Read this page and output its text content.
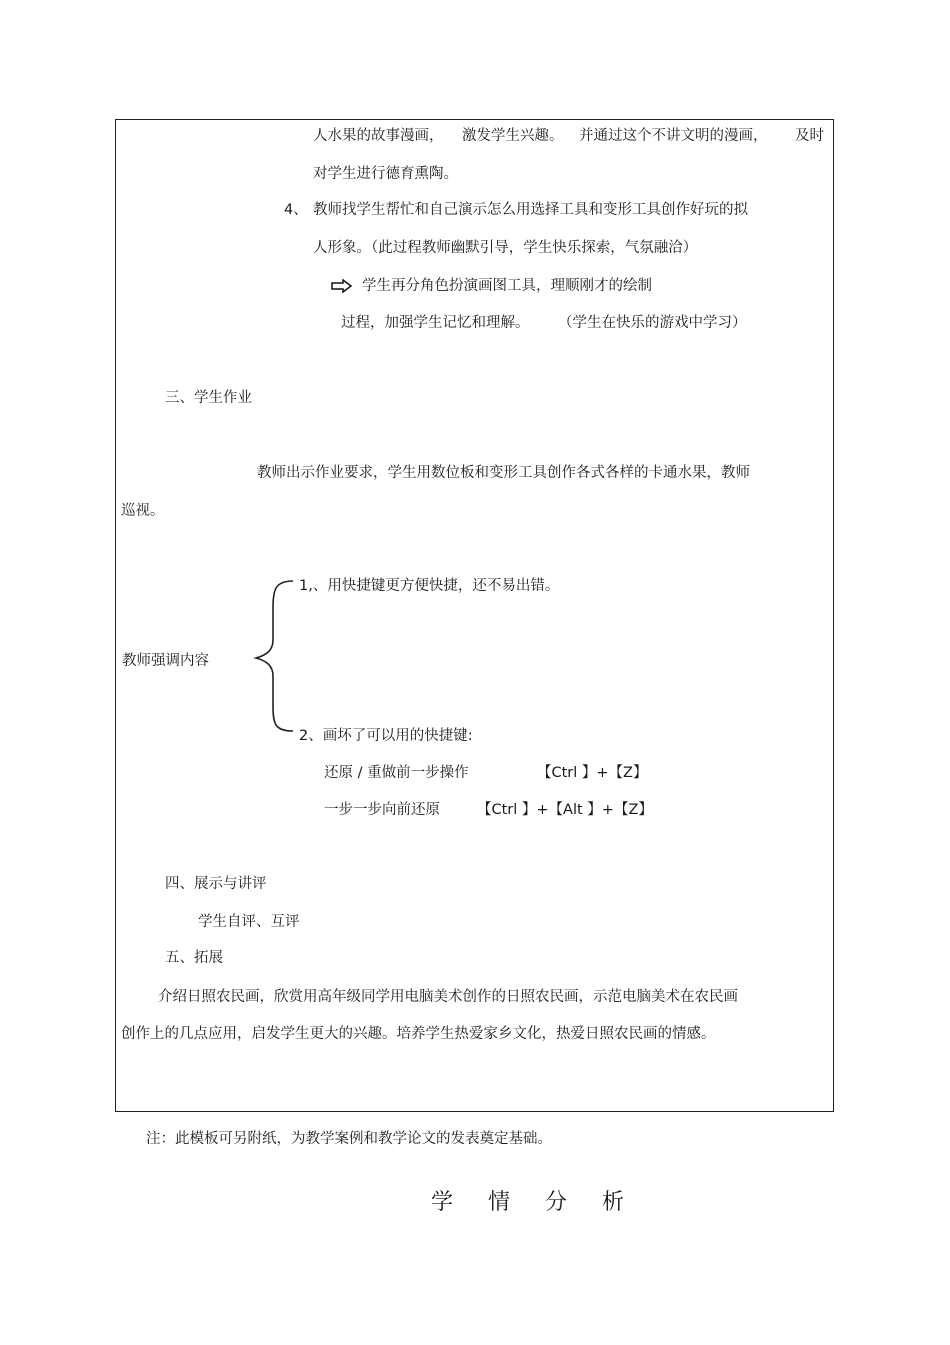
人水果的故事漫画， 激发学生兴趣。 并通过这个不讲文明的漫画， 及时
对学生进行德育熏陶。
4、 教师找学生帮忙和自己演示怎么用选择工具和变形工具创作好玩的拟
人形象。（此过程教师幽默引导，学生快乐探索，气氛融洽）
学生再分角色扮演画图工具，理顺刚才的绘制
过程，加强学生记忆和理解。 （学生在快乐的游戏中学习）
三、学生作业
教师出示作业要求，学生用数位板和变形工具创作各式各样的卡通水果，教师
巡视。
教师强调内容
1,、用快捷键更方便快捷，还不易出错。
2、画坏了可以用的快捷键:
还原 / 重做前一步操作	【Ctrl 】+【Z】
一步一步向前还原	【Ctrl 】+【Alt 】+【Z】
四、展示与讲评
学生自评、互评
五、拓展
介绍日照农民画，欣赏用高年级同学用电脑美术创作的日照农民画，示范电脑美术在农民画
创作上的几点应用，启发学生更大的兴趣。培养学生热爱家乡文化，热爱日照农民画的情感。
注：此模板可另附纸，为教学案例和教学论文的发表奠定基础。
学 情 分 析
